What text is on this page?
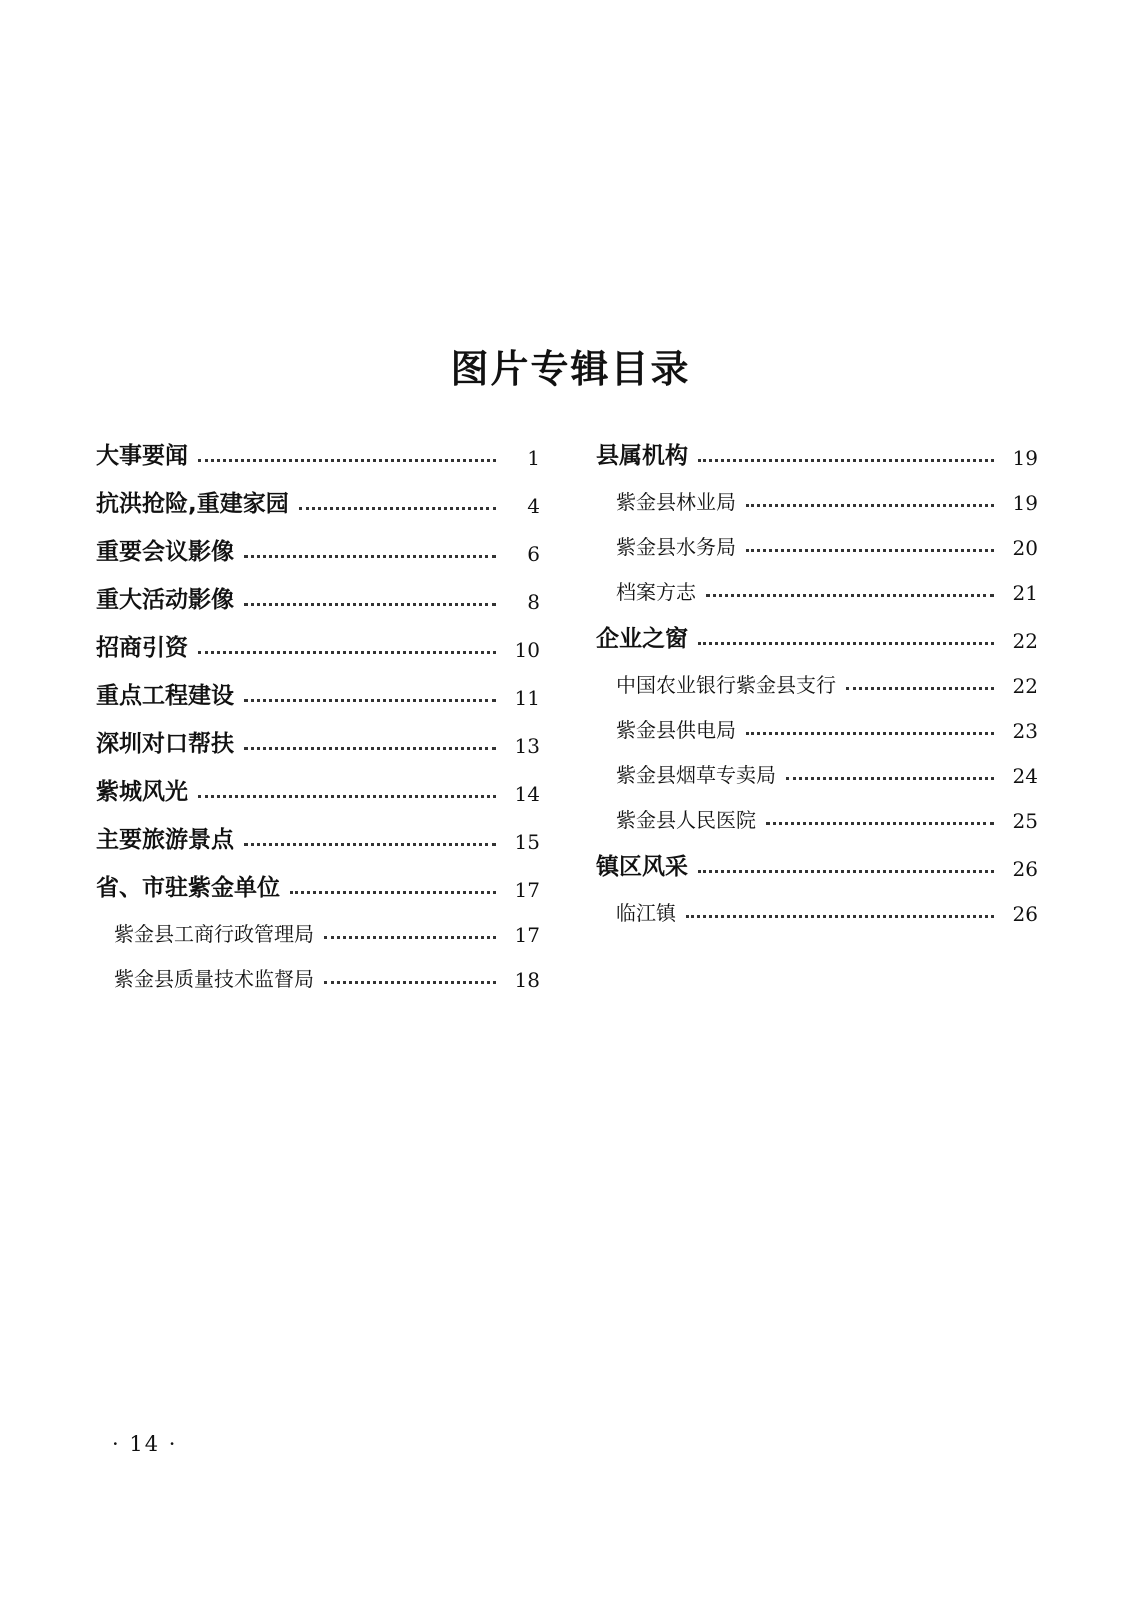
图片专辑目录
大事要闻	1
抗洪抢险,重建家园	4
重要会议影像	6
重大活动影像	8
招商引资	10
重点工程建设	11
深圳对口帮扶	13
紫城风光	14
主要旅游景点	15
省、市驻紫金单位	17
紫金县工商行政管理局	17
紫金县质量技术监督局	18
县属机构	19
紫金县林业局	19
紫金县水务局	20
档案方志	21
企业之窗	22
中国农业银行紫金县支行	22
紫金县供电局	23
紫金县烟草专卖局	24
紫金县人民医院	25
镇区风采	26
临江镇	26
· 14 ·
